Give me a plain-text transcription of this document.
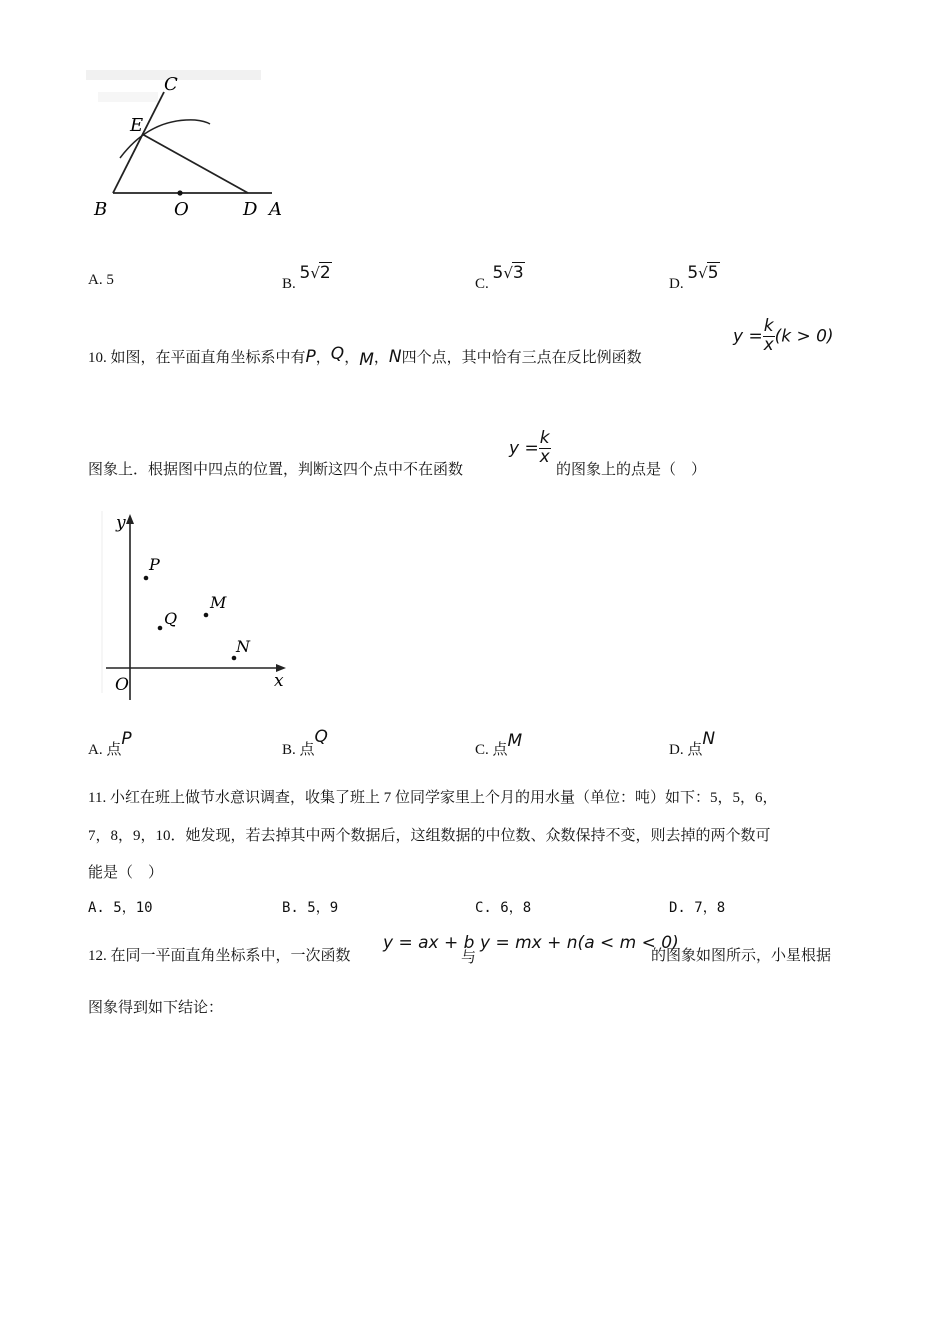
C
E
B	O	D A
A. 5	B. 5√2
C. 5√3
D. 5√5
10. 如图，在平面直角坐标系中有P，Q，M，N四个点，其中恰有三点在反比例函数
$y = \frac{k}{x} (k > 0)$
图象上．根据图中四点的位置，判断这四个点中不在函数
$y = \frac{k}{x}$
的图象上的点是（　）
y
x
O
P
Q
M
N
A. 点P
B. 点Q
C. 点M	D. 点N
11. 小红在班上做节水意识调查，收集了班上 7 位同学家里上个月的用水量（单位：吨）如下：5，5，6，
7，8，9，10．她发现，若去掉其中两个数据后，这组数据的中位数、众数保持不变，则去掉的两个数可
能是（　）
A. 5，10	B. 5，9	C. 6，8	D. 7，8
12. 在同一平面直角坐标系中，一次函数
y = ax + b
与
y = mx + n(a < m < 0)
的图象如图所示，小星根据
图象得到如下结论：
